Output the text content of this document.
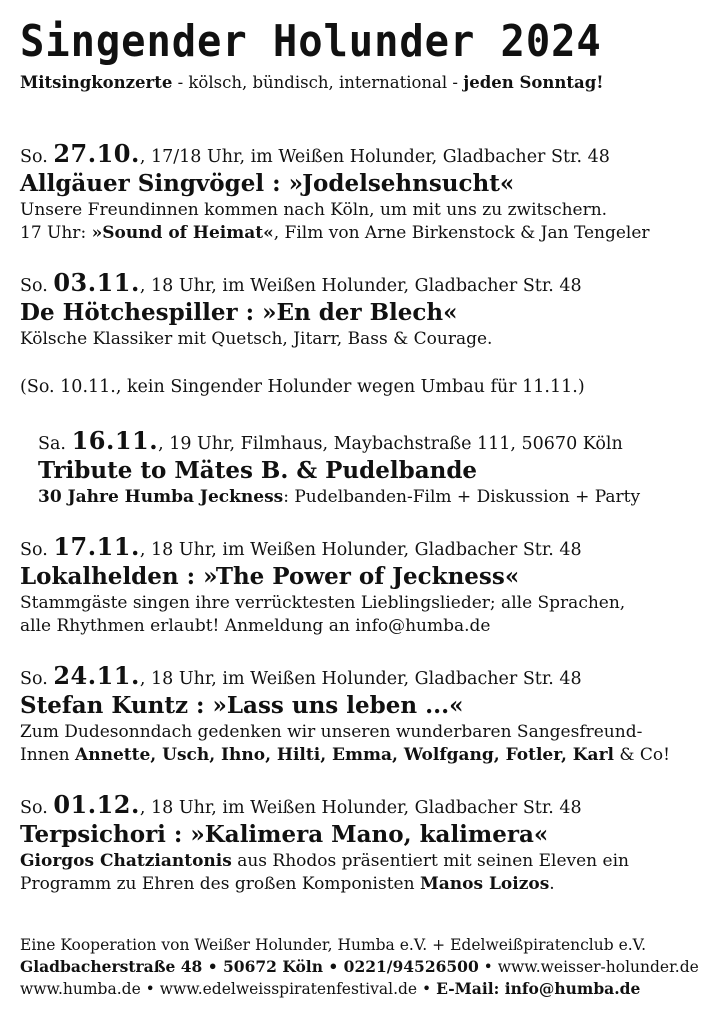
Singender Holunder 2024
Mitsingkonzerte - kölsch, bündisch, international - jeden Sonntag!
So. 27.10., 17/18 Uhr, im Weißen Holunder, Gladbacher Str. 48
Allgäuer Singvögel : »Jodelsehnsucht«
Unsere Freundinnen kommen nach Köln, um mit uns zu zwitschern.
17 Uhr: »Sound of Heimat«, Film von Arne Birkenstock & Jan Tengeler
So. 03.11., 18 Uhr, im Weißen Holunder, Gladbacher Str. 48
De Hötchespiller : »En der Blech«
Kölsche Klassiker mit Quetsch, Jitarr, Bass & Courage.
(So. 10.11., kein Singender Holunder wegen Umbau für 11.11.)
Sa. 16.11., 19 Uhr, Filmhaus, Maybachstraße 111, 50670 Köln
Tribute to Mätes B. & Pudelbande
30 Jahre Humba Jeckness: Pudelbanden-Film + Diskussion + Party
So. 17.11., 18 Uhr, im Weißen Holunder, Gladbacher Str. 48
Lokalhelden : »The Power of Jeckness«
Stammgäste singen ihre verrücktesten Lieblingslieder; alle Sprachen,
alle Rhythmen erlaubt! Anmeldung an info@humba.de
So. 24.11., 18 Uhr, im Weißen Holunder, Gladbacher Str. 48
Stefan Kuntz : »Lass uns leben ...«
Zum Dudesonndach gedenken wir unseren wunderbaren Sangesfreund-
Innen Annette, Usch, Ihno, Hilti, Emma, Wolfgang, Fotler, Karl & Co!
So. 01.12., 18 Uhr, im Weißen Holunder, Gladbacher Str. 48
Terpsichori : »Kalimera Mano, kalimera«
Giorgos Chatziantonis aus Rhodos präsentiert mit seinen Eleven ein
Programm zu Ehren des großen Komponisten Manos Loizos.
Eine Kooperation von Weißer Holunder, Humba e.V. + Edelweißpiratenclub e.V.
Gladbacherstraße 48 • 50672 Köln • 0221/94526500 • www.weisser-holunder.de
www.humba.de • www.edelweisspiratenfestival.de • E-Mail: info@humba.de
